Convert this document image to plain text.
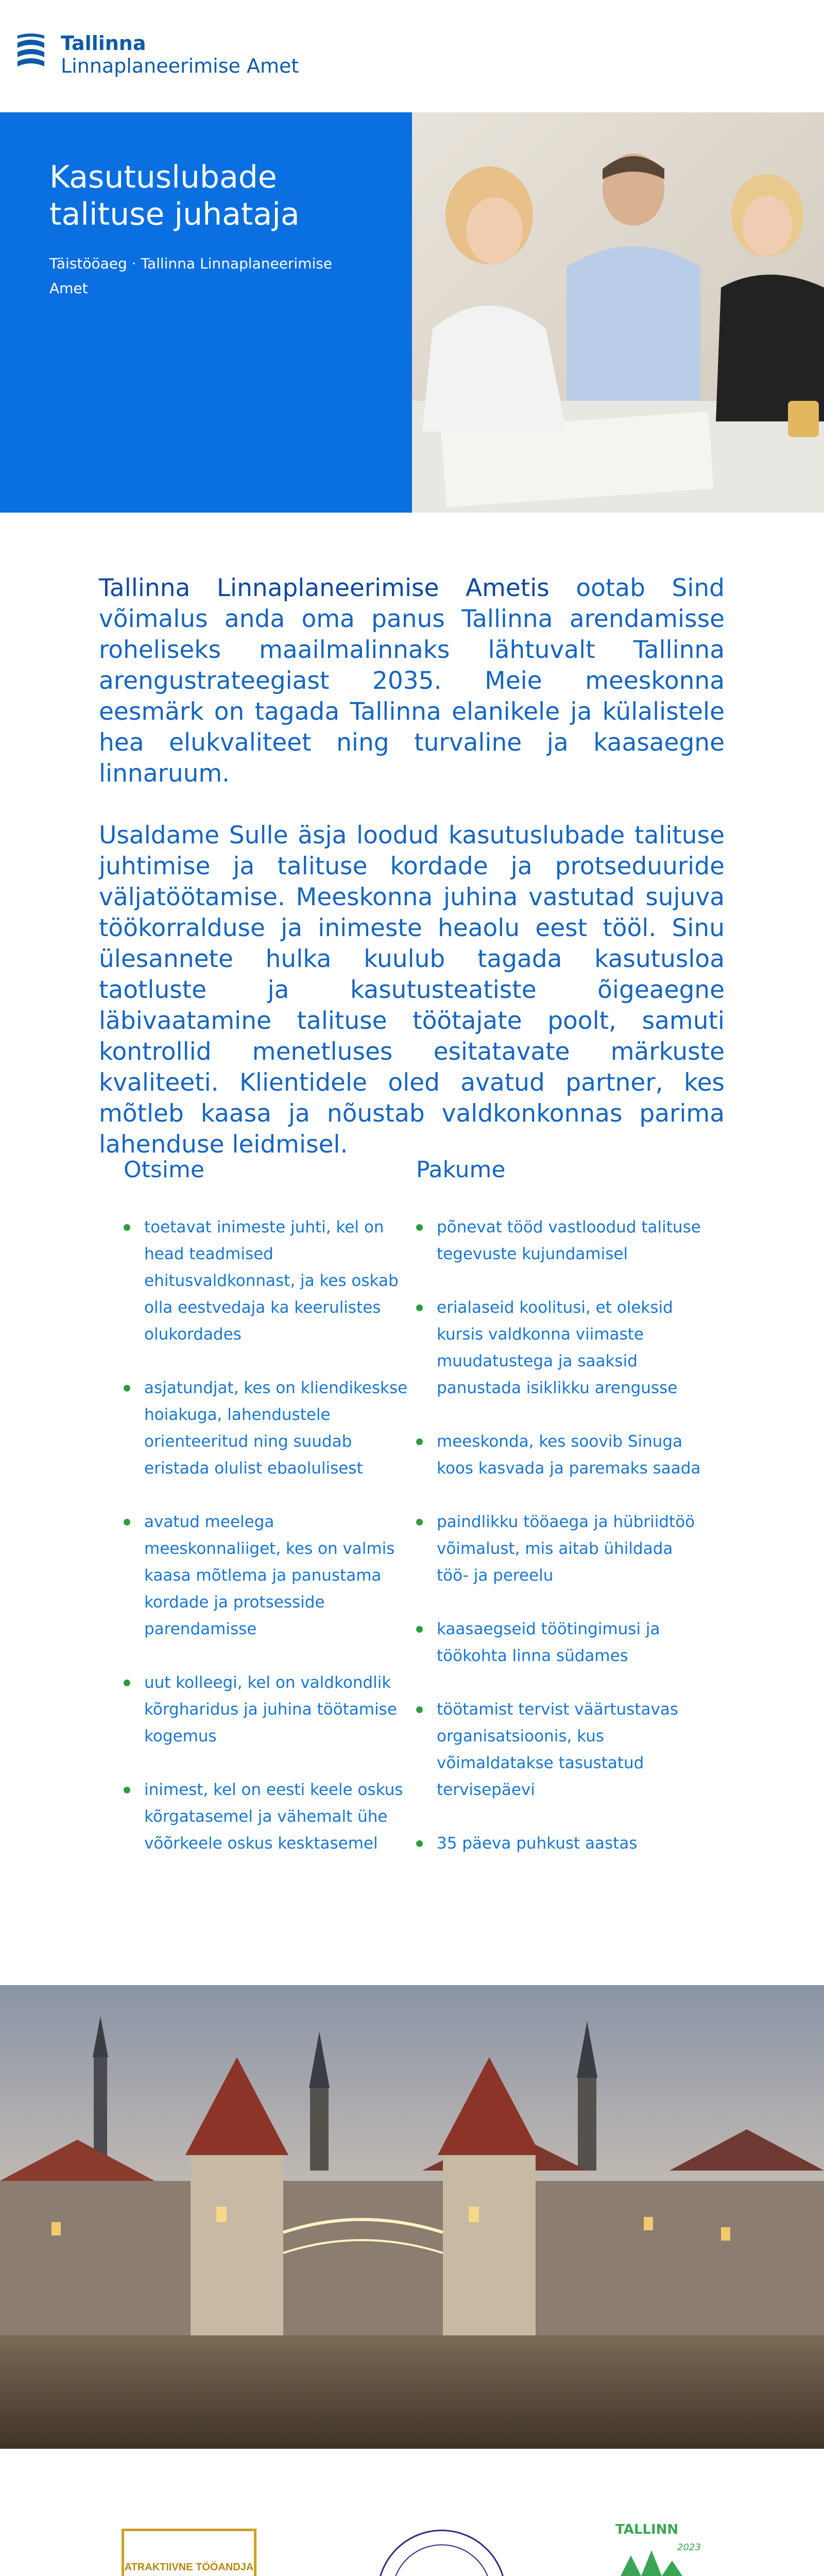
Tallinna
Linnaplaneerimise Amet
Kasutuslubade talituse juhataja
Täistööaeg · Tallinna Linnaplaneerimise Amet

Tallinna Linnaplaneerimise Ametis ootab Sind võimalus anda oma panus Tallinna arendamisse roheliseks maailmalinnaks lähtuvalt Tallinna arengustrateegiast 2035. Meie meeskonna eesmärk on tagada Tallinna elanikele ja külalistele hea elukvaliteet ning turvaline ja kaasaegne linnaruum.

Usaldame Sulle äsja loodud kasutuslubade talituse juhtimise ja talituse kordade ja protseduuride väljatöötamise. Meeskonna juhina vastutad sujuva töökorralduse ja inimeste heaolu eest tööl. Sinu ülesannete hulka kuulub tagada kasutusloa taotluste ja kasutusteatiste õigeaegne läbivaatamine talituse töötajate poolt, samuti kontrollid menetluses esitatavate märkuste kvaliteeti. Klientidele oled avatud partner, kes mõtleb kaasa ja nõustab valdkonkonnas parima lahenduse leidmisel.

Otsime
toetavat inimeste juhti, kel on head teadmised ehitusvaldkonnast, ja kes oskab olla eestvedaja ka keerulistes olukordades
asjatundjat, kes on kliendikeskse hoiakuga, lahendustele orienteeritud ning suudab eristada olulist ebaolulisest
avatud meelega meeskonnaliiget, kes on valmis kaasa mõtlema ja panustama kordade ja protsesside parendamisse
uut kolleegi, kel on valdkondlik kõrgharidus ja juhina töötamise kogemus
inimest, kel on eesti keele oskus kõrgatasemel ja vähemalt ühe võõrkeele oskus kesktasemel
Pakume
põnevat tööd vastloodud talituse tegevuste kujundamisel
erialaseid koolitusi, et oleksid kursis valdkonna viimaste muudatustega ja saaksid panustada isiklikku arengusse
meeskonda, kes soovib Sinuga koos kasvada ja paremaks saada
paindlikku tööaega ja hübriidtöö võimalust, mis aitab ühildada töö- ja pereelu
kaasaegseid töötingimusi ja töökohta linna südames
töötamist tervist väärtustavas organisatsioonis, kus võimaldatakse tasustatud tervisepäevi
35 päeva puhkust aastas
ATRAKTIIVNE TÖÖANDJA
TALLINN
2023
